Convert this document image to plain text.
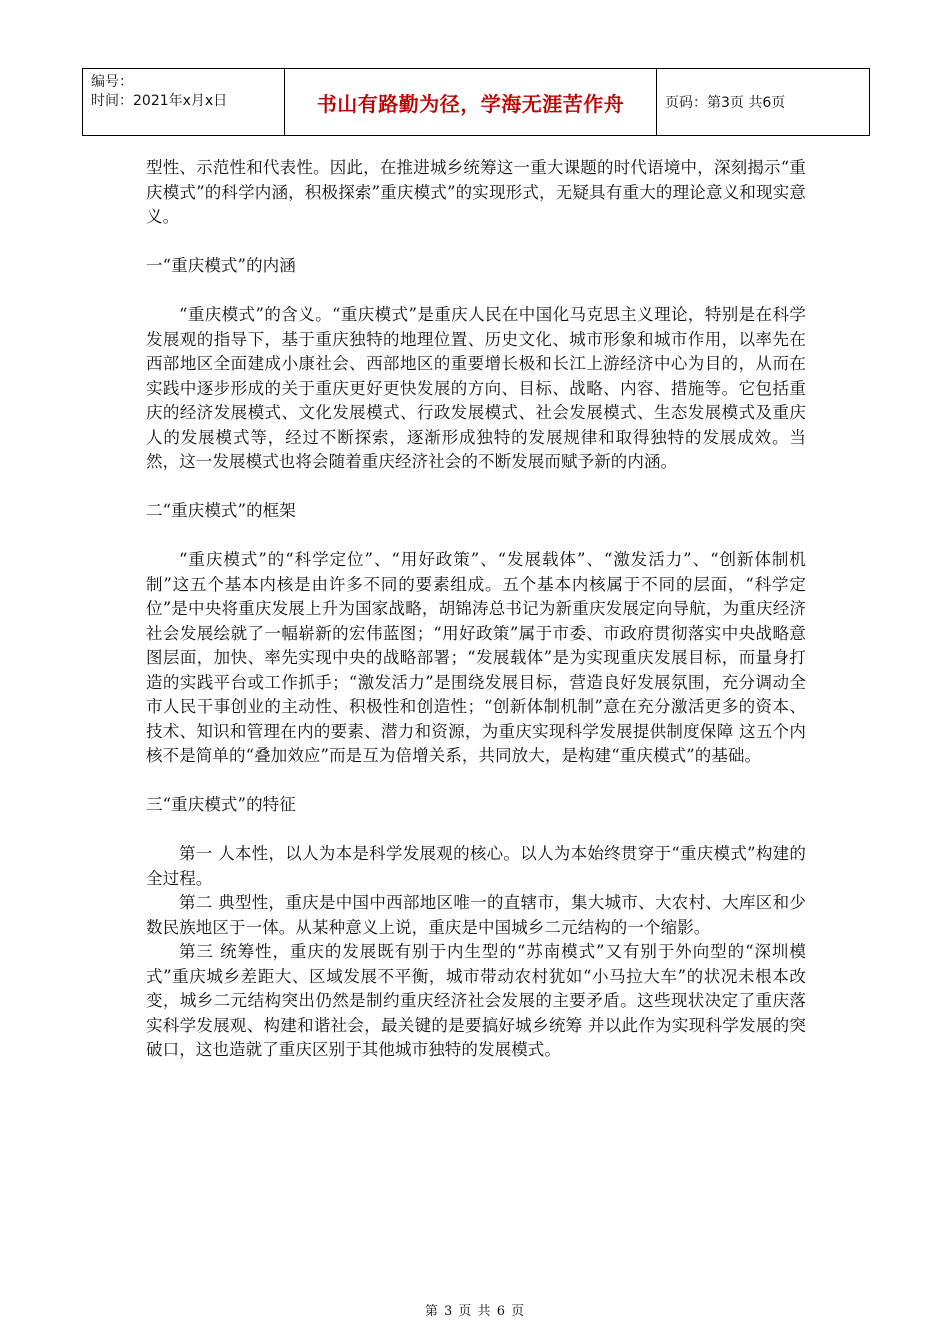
编号：
时间：2021年x月x日	书山有路勤为径，学海无涯苦作舟	页码：第3页 共6页

型性、示范性和代表性。因此，在推进城乡统筹这一重大课题的时代语境中，深刻揭示“重庆模式”的科学内涵，积极探索”重庆模式”的实现形式，无疑具有重大的理论意义和现实意义。

一“重庆模式”的内涵

“重庆模式”的含义。“重庆模式”是重庆人民在中国化马克思主义理论，特别是在科学发展观的指导下，基于重庆独特的地理位置、历史文化、城市形象和城市作用，以率先在西部地区全面建成小康社会、西部地区的重要增长极和长江上游经济中心为目的，从而在实践中逐步形成的关于重庆更好更快发展的方向、目标、战略、内容、措施等。它包括重庆的经济发展模式、文化发展模式、行政发展模式、社会发展模式、生态发展模式及重庆人的发展模式等，经过不断探索，逐渐形成独特的发展规律和取得独特的发展成效。当然，这一发展模式也将会随着重庆经济社会的不断发展而赋予新的内涵。

二“重庆模式”的框架

“重庆模式”的“科学定位”、“用好政策”、“发展载体”、“激发活力”、“创新体制机制”这五个基本内核是由许多不同的要素组成。五个基本内核属于不同的层面，“科学定位”是中央将重庆发展上升为国家战略，胡锦涛总书记为新重庆发展定向导航，为重庆经济社会发展绘就了一幅崭新的宏伟蓝图；“用好政策”属于市委、市政府贯彻落实中央战略意图层面，加快、率先实现中央的战略部署；“发展载体”是为实现重庆发展目标，而量身打造的实践平台或工作抓手；“激发活力”是围绕发展目标，营造良好发展氛围，充分调动全市人民干事创业的主动性、积极性和创造性；“创新体制机制”意在充分激活更多的资本、技术、知识和管理在内的要素、潜力和资源，为重庆实现科学发展提供制度保障 这五个内核不是简单的“叠加效应”而是互为倍增关系，共同放大，是构建“重庆模式”的基础。

三“重庆模式”的特征

第一 人本性，以人为本是科学发展观的核心。以人为本始终贯穿于“重庆模式”构建的全过程。

第二 典型性，重庆是中国中西部地区唯一的直辖市，集大城市、大农村、大库区和少数民族地区于一体。从某种意义上说，重庆是中国城乡二元结构的一个缩影。

第三 统筹性，重庆的发展既有别于内生型的“苏南模式”又有别于外向型的“深圳模式”重庆城乡差距大、区域发展不平衡，城市带动农村犹如“小马拉大车”的状况未根本改变，城乡二元结构突出仍然是制约重庆经济社会发展的主要矛盾。这些现状决定了重庆落实科学发展观、构建和谐社会，最关键的是要搞好城乡统筹 并以此作为实现科学发展的突破口，这也造就了重庆区别于其他城市独特的发展模式。

第 3 页 共 6 页
